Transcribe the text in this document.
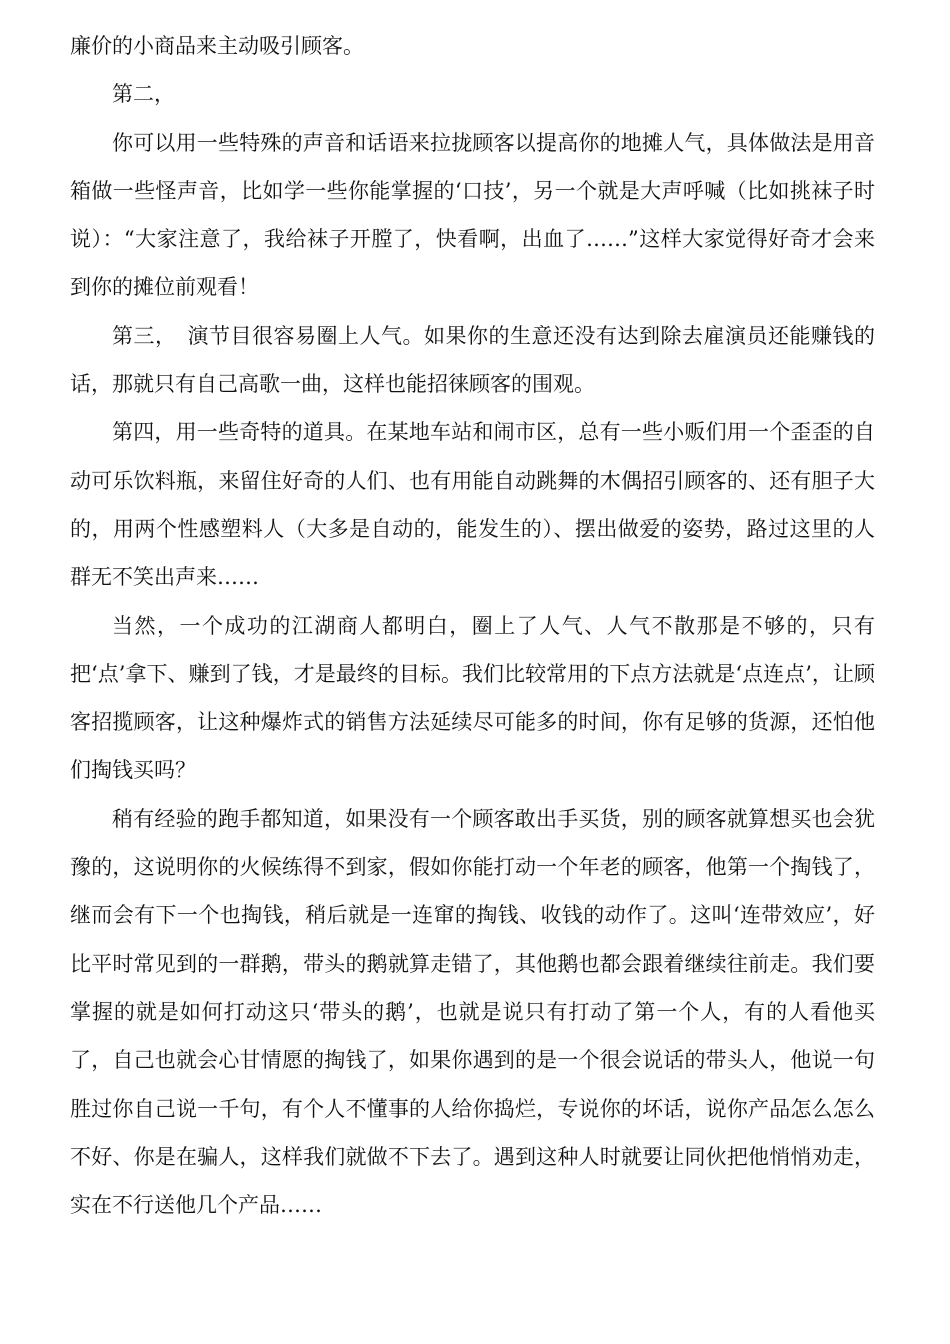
廉价的小商品来主动吸引顾客。

第二，

你可以用一些特殊的声音和话语来拉拢顾客以提高你的地摊人气，具体做法是用音箱做一些怪声音，比如学一些你能掌握的‘口技’，另一个就是大声呼喊（比如挑袜子时说）：“大家注意了，我给袜子开膛了，快看啊，出血了……”这样大家觉得好奇才会来到你的摊位前观看！

第三，　演节目很容易圈上人气。如果你的生意还没有达到除去雇演员还能赚钱的话，那就只有自己高歌一曲，这样也能招徕顾客的围观。

第四，用一些奇特的道具。在某地车站和闹市区，总有一些小贩们用一个歪歪的自动可乐饮料瓶，来留住好奇的人们、也有用能自动跳舞的木偶招引顾客的、还有胆子大的，用两个性感塑料人（大多是自动的，能发生的）、摆出做爱的姿势，路过这里的人群无不笑出声来……

当然，一个成功的江湖商人都明白，圈上了人气、人气不散那是不够的，只有把‘点’拿下、赚到了钱，才是最终的目标。我们比较常用的下点方法就是‘点连点’，让顾客招揽顾客，让这种爆炸式的销售方法延续尽可能多的时间，你有足够的货源，还怕他们掏钱买吗？

稍有经验的跑手都知道，如果没有一个顾客敢出手买货，别的顾客就算想买也会犹豫的，这说明你的火候练得不到家，假如你能打动一个年老的顾客，他第一个掏钱了，继而会有下一个也掏钱，稍后就是一连窜的掏钱、收钱的动作了。这叫‘连带效应’，好比平时常见到的一群鹅，带头的鹅就算走错了，其他鹅也都会跟着继续往前走。我们要掌握的就是如何打动这只‘带头的鹅’，也就是说只有打动了第一个人，有的人看他买了，自己也就会心甘情愿的掏钱了，如果你遇到的是一个很会说话的带头人，他说一句胜过你自己说一千句，有个人不懂事的人给你捣烂，专说你的坏话，说你产品怎么怎么不好、你是在骗人，这样我们就做不下去了。遇到这种人时就要让同伙把他悄悄劝走，实在不行送他几个产品……
